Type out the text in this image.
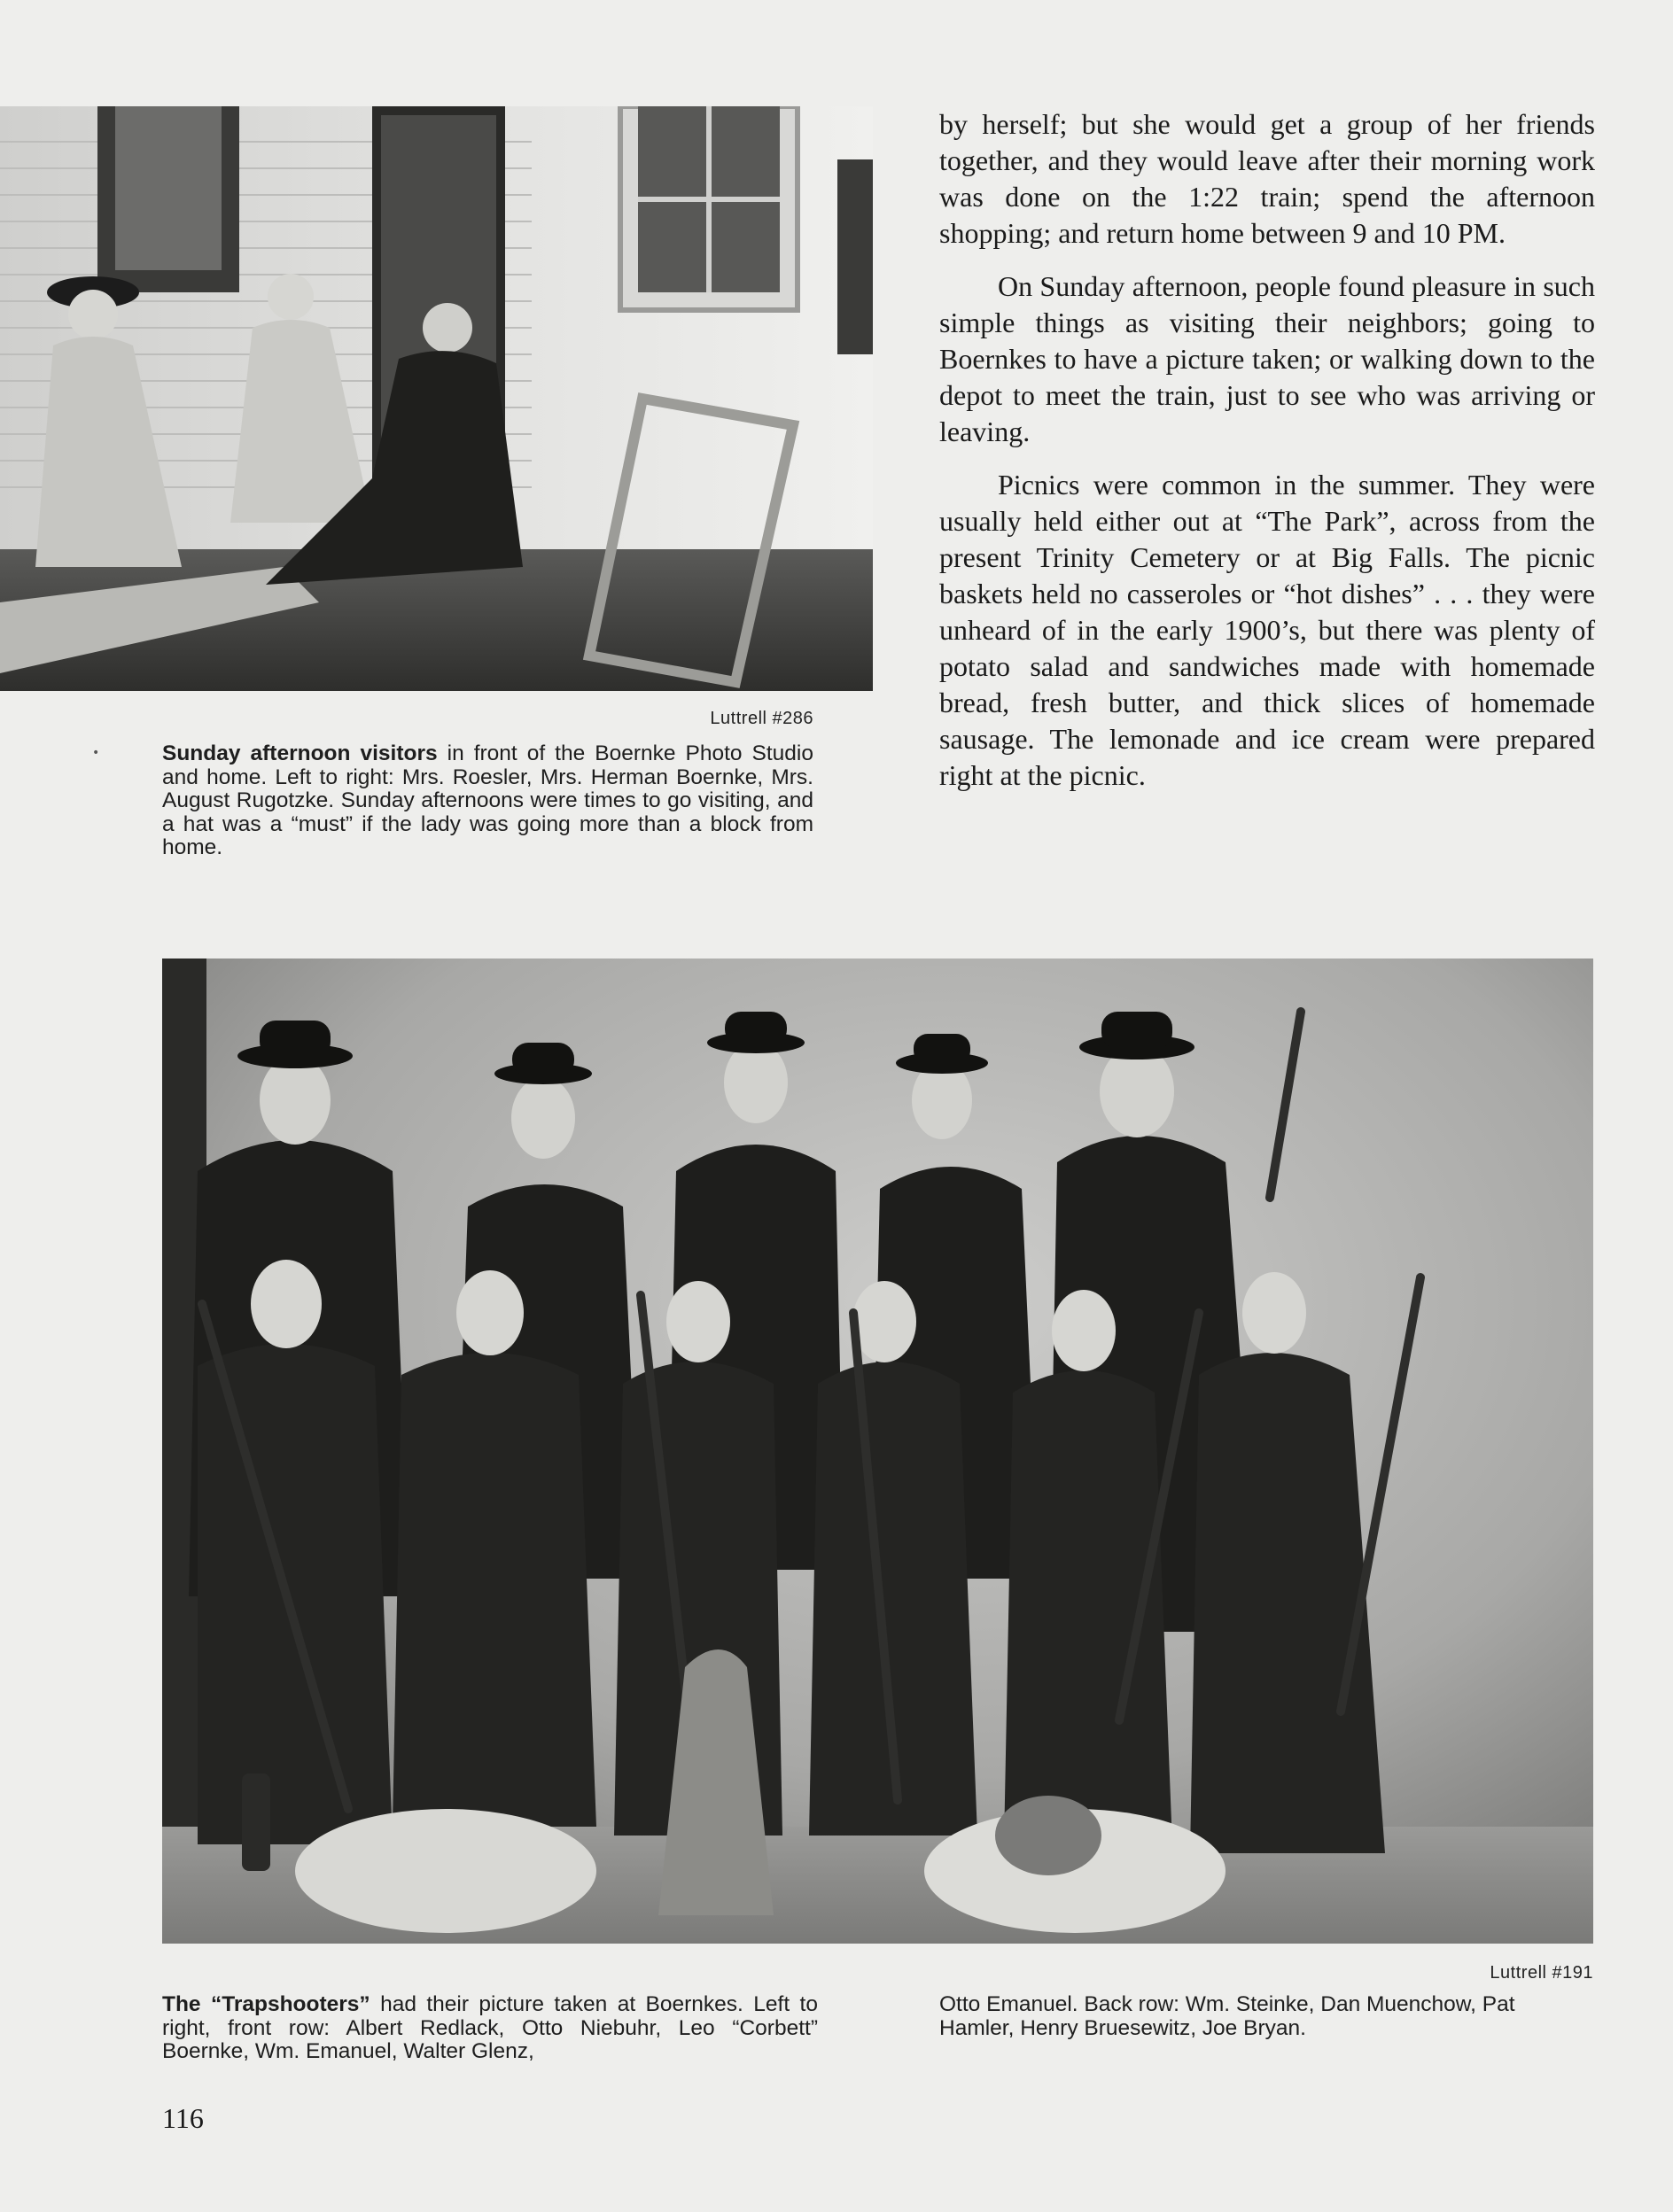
Luttrell #286
•	Sunday afternoon visitors in front of the Boernke Photo Studio and home. Left to right: Mrs. Roesler, Mrs. Herman Boernke, Mrs. August Rugotzke. Sunday afternoons were times to go visiting, and a hat was a “must” if the lady was going more than a block from home.

by herself; but she would get a group of her friends together, and they would leave after their morning work was done on the 1:22 train; spend the afternoon shopping; and return home between 9 and 10 PM.

On Sunday afternoon, people found pleasure in such simple things as visiting their neighbors; going to Boernkes to have a picture taken; or walking down to the depot to meet the train, just to see who was arriving or leaving.

Picnics were common in the summer. They were usually held either out at “The Park”, across from the present Trinity Cemetery or at Big Falls. The picnic baskets held no casseroles or “hot dishes” . . . they were unheard of in the early 1900’s, but there was plenty of potato salad and sandwiches made with homemade bread, fresh butter, and thick slices of homemade sausage. The lemonade and ice cream were prepared right at the picnic.

Luttrell #191
The “Trapshooters” had their picture taken at Boernkes. Left to right, front row: Albert Redlack, Otto Niebuhr, Leo “Corbett” Boernke, Wm. Emanuel, Walter Glenz,
Otto Emanuel. Back row: Wm. Steinke, Dan Muenchow, Pat Hamler, Henry Bruesewitz, Joe Bryan.
116
